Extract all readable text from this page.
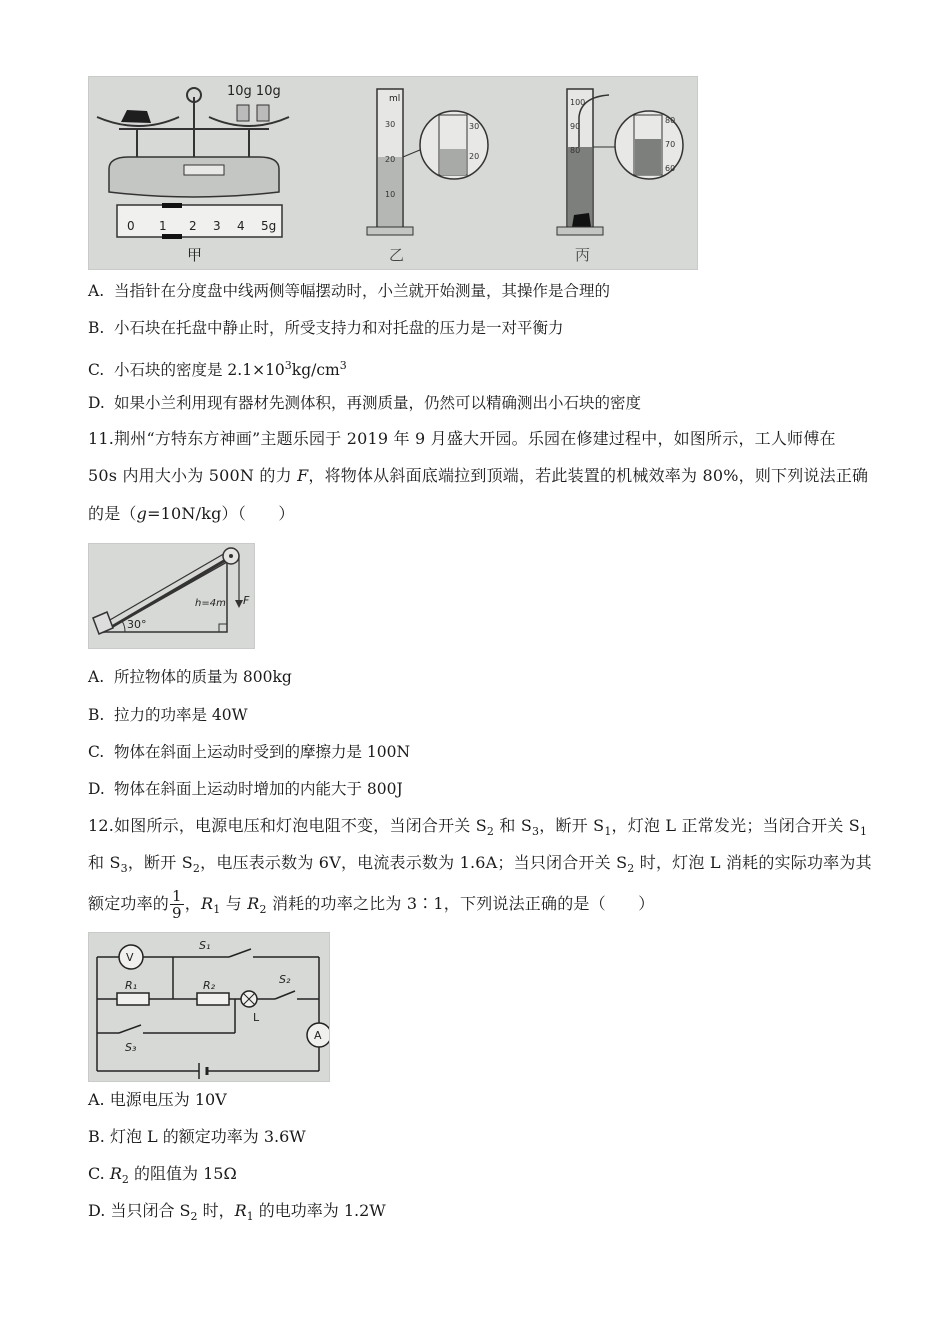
10g 10g
0 1 2 3 4 5g
甲
ml
30
20
10
30
20
乙
100
90
80
80
70
60
丙
A. 当指针在分度盘中线两侧等幅摆动时，小兰就开始测量，其操作是合理的
B. 小石块在托盘中静止时，所受支持力和对托盘的压力是一对平衡力
C. 小石块的密度是 $2.1\times 10^3kg/cm^3$
D. 如果小兰利用现有器材先测体积，再测质量，仍然可以精确测出小石块的密度
11.荆州“方特东方神画”主题乐园于 2019 年 9 月盛大开园。乐园在修建过程中，如图所示，工人师傅在
50s 内用大小为 500N 的力 F，将物体从斜面底端拉到顶端，若此装置的机械效率为 80%，则下列说法正确
的是（g=10N/kg）（　　）
30°
h=4m F
A. 所拉物体的质量为 800kg
B. 拉力的功率是 40W
C. 物体在斜面上运动时受到的摩擦力是 100N
D. 物体在斜面上运动时增加的内能大于 800J
12.如图所示，电源电压和灯泡电阻不变，当闭合开关 $S_2$ 和 $S_3$，断开 $S_1$，灯泡 L 正常发光；当闭合开关 $S_1$
和 $S_3$，断开 $S_2$，电压表示数为 6V，电流表示数为 1.6A；当只闭合开关 $S_2$ 时，灯泡 L 消耗的实际功率为其
额定功率的 $\frac{1}{9}$ ，$R_1$ 与 $R_2$ 消耗的功率之比为 3∶1，下列说法正确的是（　　）
V
S₁
R₁	R₂
L
S₂
A
S₃
A. 电源电压为 10V
B. 灯泡 L 的额定功率为 3.6W
C. $R_2$ 的阻值为 15Ω
D. 当只闭合 $S_2$ 时，$R_1$ 的电功率为 1.2W
